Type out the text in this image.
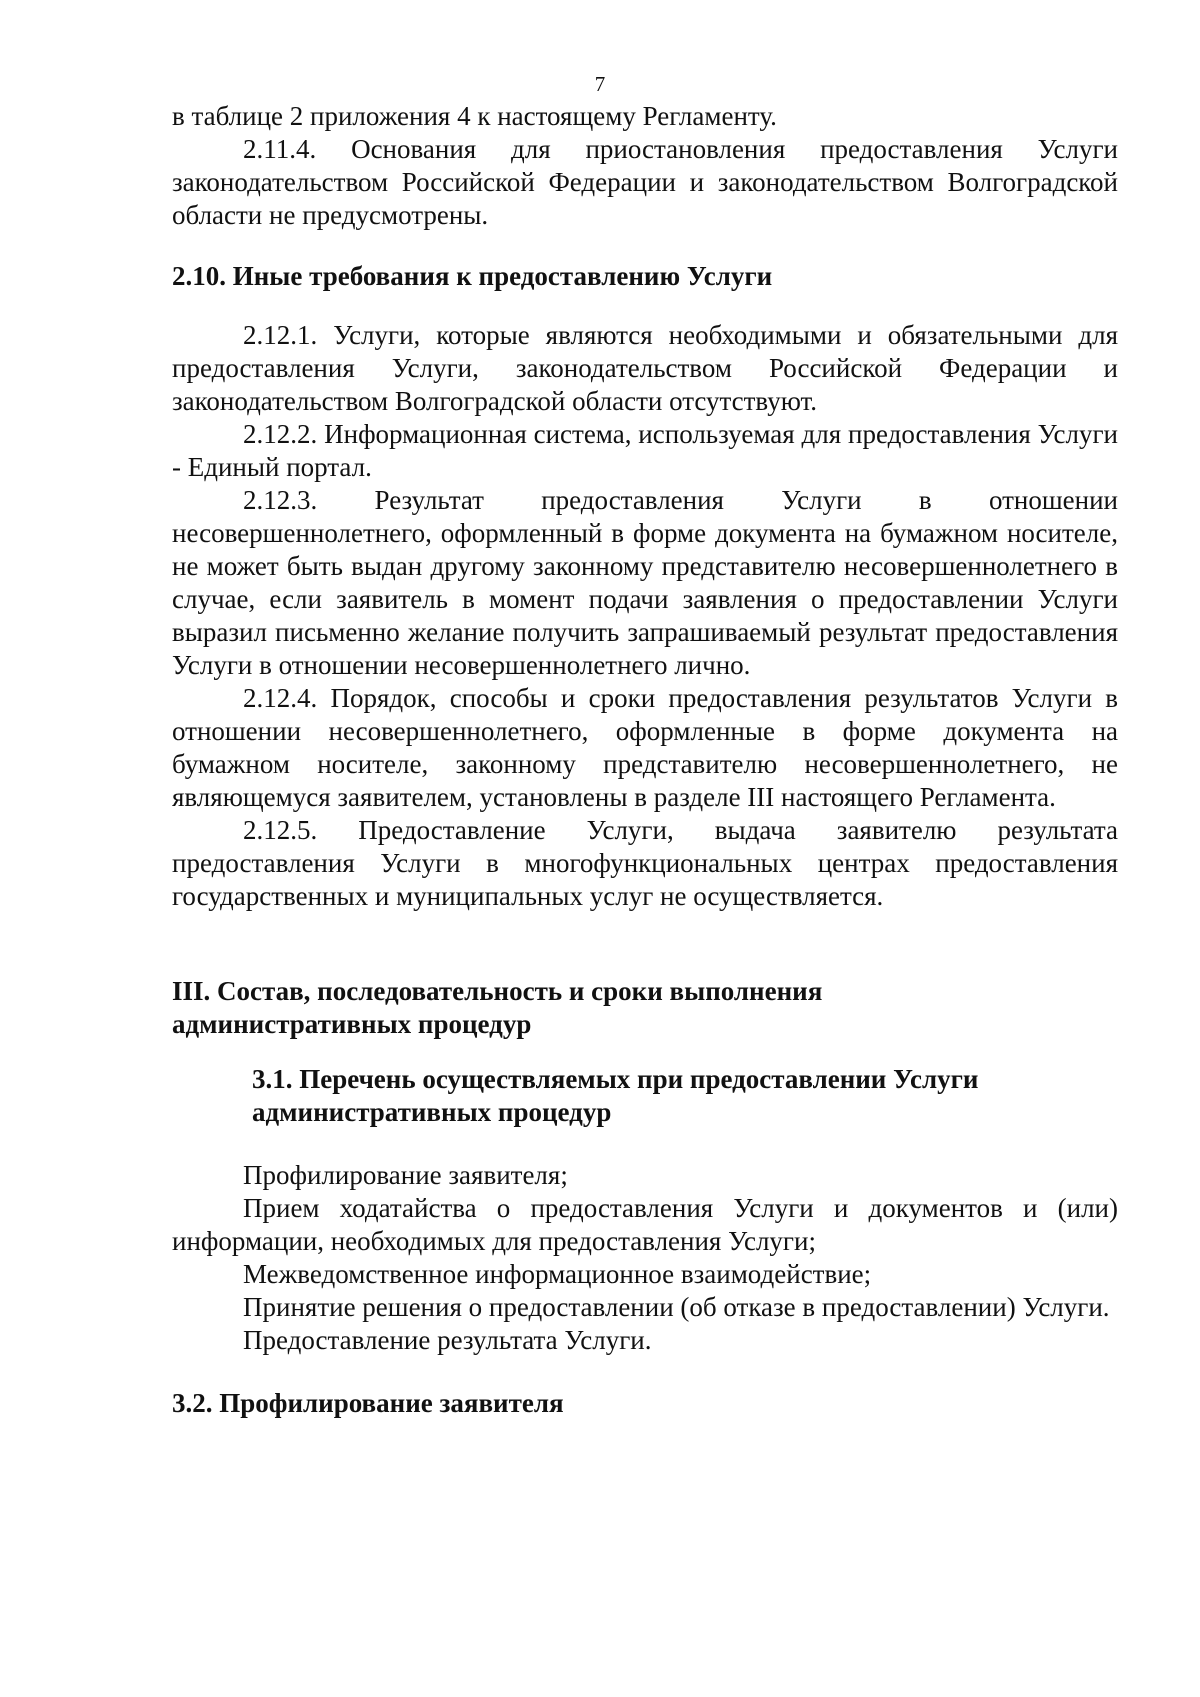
7

в таблице 2 приложения 4 к настоящему Регламенту.

2.11.4. Основания для приостановления предоставления Услуги законодательством Российской Федерации и законодательством Волгоградской области не предусмотрены.

2.10. Иные требования к предоставлению Услуги

2.12.1. Услуги, которые являются необходимыми и обязательными для предоставления Услуги, законодательством Российской Федерации и законодательством Волгоградской области отсутствуют.

2.12.2. Информационная система, используемая для предоставления Услуги - Единый портал.

2.12.3. Результат предоставления Услуги в отношении несовершеннолетнего, оформленный в форме документа на бумажном носителе, не может быть выдан другому законному представителю несовершеннолетнего в случае, если заявитель в момент подачи заявления о предоставлении Услуги выразил письменно желание получить запрашиваемый результат предоставления Услуги в отношении несовершеннолетнего лично.

2.12.4. Порядок, способы и сроки предоставления результатов Услуги в отношении несовершеннолетнего, оформленные в форме документа на бумажном носителе, законному представителю несовершеннолетнего, не являющемуся заявителем, установлены в разделе III настоящего Регламента.

2.12.5. Предоставление Услуги, выдача заявителю результата предоставления Услуги в многофункциональных центрах предоставления государственных и муниципальных услуг не осуществляется.

III. Состав, последовательность и сроки выполнения
административных процедур

3.1. Перечень осуществляемых при предоставлении Услуги
административных процедур

Профилирование заявителя;

Прием ходатайства о предоставления Услуги и документов и (или) информации, необходимых для предоставления Услуги;

Межведомственное информационное взаимодействие;

Принятие решения о предоставлении (об отказе в предоставлении) Услуги.

Предоставление результата Услуги.

3.2. Профилирование заявителя
